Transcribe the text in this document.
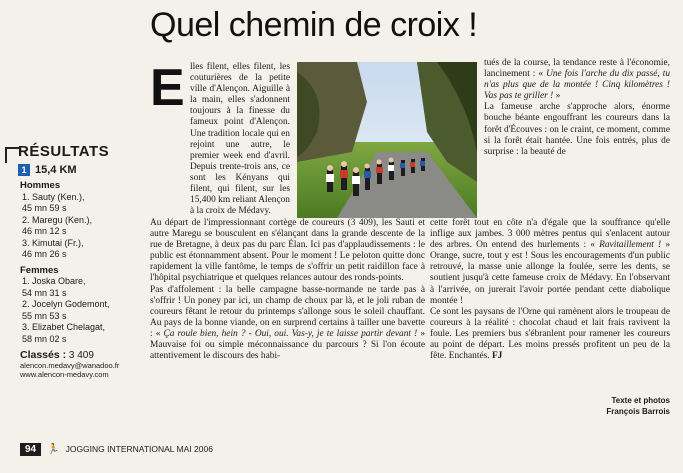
Quel chemin de croix !
RÉSULTATS
1 15,4 KM
Hommes
1. Sauty (Ken.),
45 mn 59 s
2. Maregu (Ken.),
46 mn 12 s
3. Kimutai (Fr.),
46 mn 26 s
Femmes
1. Joska Obare,
54 mn 31 s
2. Jocelyn Godemont,
55 mn 53 s
3. Elizabet Chelagat,
58 mn 02 s
Classés : 3 409
alencon.medavy@wanadoo.fr
www.alencon-medavy.com
E lles filent, elles filent, les couturières de la petite ville d'Alençon. Aiguille à la main, elles s'adonnent toujours à la finesse du fameux point d'Alençon. Une tradition locale qui en rejoint une autre, le premier week end d'avril. Depuis trente-trois ans, ce sont les Kényans qui filent, qui filent, sur les 15,400 km reliant Alençon à la croix de Médavy.

tués de la course, la tendance reste à l'économie, lancinement : « Une fois l'arche du dix passé, tu n'as plus que de la montée ! Cinq kilomètres ! Vas pas te griller ! »

La fameuse arche s'approche alors, énorme bouche béante engouffrant les coureurs dans la forêt d'Écouves : on le craint, ce moment, comme si la forêt était hantée. Une fois entrés, plus de surprise : la beauté de

Au départ de l'impressionnant cortège de coureurs (3 409), les Sauti et autre Maregu se bousculent en s'élançant dans la grande descente de la rue de Bretagne, à deux pas du parc Élan. Ici pas d'applaudissements : le public est étonnamment absent. Pour le moment ! Le peloton quitte donc rapidement la ville fantôme, le temps de s'offrir un petit raidillon face à l'hôpital psychiatrique et quelques relances autour des ronds-points.

Pas d'affolement : la belle campagne basse-normande ne tarde pas à s'offrir ! Un poney par ici, un champ de choux par là, et le joli ruban de coureurs fêtant le retour du printemps s'allonge sous le soleil chauffant. Au pays de la bonne viande, on en surprend certains à tailler une bavette : « Ça roule bien, hein ? - Oui, oui. Vas-y, je te laisse partir devant ! » Mauvaise foi ou simple méconnaissance du parcours ? Si l'on écoute attentivement le discours des habi-

cette forêt tout en côte n'a d'égale que la souffrance qu'elle inflige aux jambes. 3 000 mètres pentus qui s'enlacent autour des arbres. On entend des hurlements : « Ravitaillement ! » Orange, sucre, tout y est ! Sous les encouragements d'un public retrouvé, la masse unie allonge la foulée, serre les dents, se soutient jusqu'à cette fameuse croix de Médavy. En l'observant à l'arrivée, on jurerait l'avoir portée pendant cette diabolique montée !

Ce sont les paysans de l'Orne qui ramènent alors le troupeau de coureurs à la réalité : chocolat chaud et lait frais ravivent la foule. Les premiers bus s'ébranlent pour ramener les coureurs au point de départ. Les moins pressés profitent un peu de la fête. Enchantés. FJ

Texte et photos
François Barrois
94	🏃 JOGGING INTERNATIONAL MAI 2006
